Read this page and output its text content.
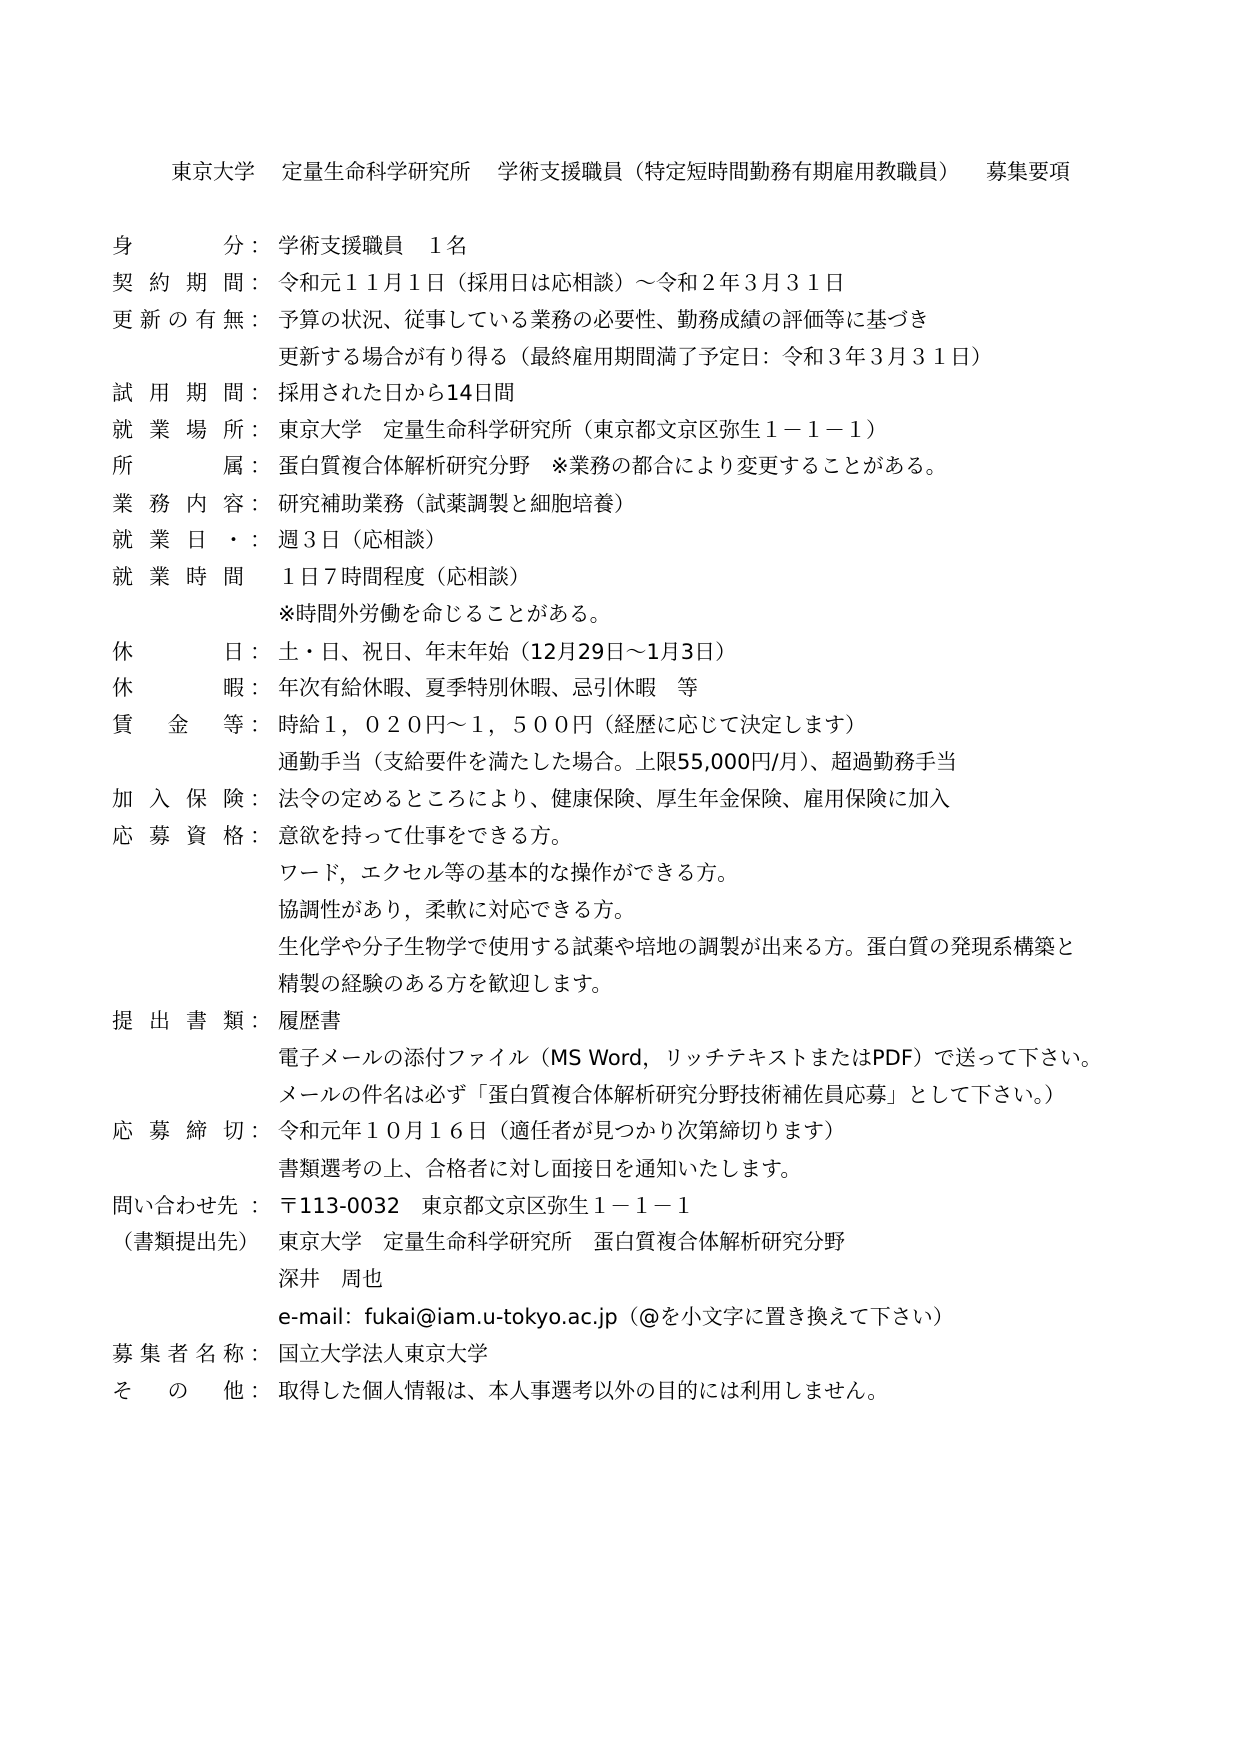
東京大学 定量生命科学研究所 学術支援職員（特定短時間勤務有期雇用教職員） 募集要項
身	分 ： 学術支援職員　１名
契 約 期 間 ： 令和元１１月１日（採用日は応相談）～令和２年３月３１日
更 新 の 有 無 ： 予算の状況、従事している業務の必要性、勤務成績の評価等に基づき
更新する場合が有り得る（最終雇用期間満了予定日：令和３年３月３１日）
試 用 期 間 ： 採用された日から14日間
就 業 場 所 ： 東京大学　定量生命科学研究所（東京都文京区弥生１－１－１）
所	属 ： 蛋白質複合体解析研究分野　※業務の都合により変更することがある。
業 務 内 容 ： 研究補助業務（試薬調製と細胞培養）
就 業 日 ・ ： 週３日（応相談）
就 業 時 間 １日７時間程度（応相談）
※時間外労働を命じることがある。
休	日 ： 土・日、祝日、年末年始（12月29日～1月3日）
休	暇 ： 年次有給休暇、夏季特別休暇、忌引休暇　等
賃 金 等 ： 時給１，０２０円～１，５００円（経歴に応じて決定します）
通勤手当（支給要件を満たした場合。上限55,000円/月）、超過勤務手当
加 入 保 険 ： 法令の定めるところにより、健康保険、厚生年金保険、雇用保険に加入
応 募 資 格 ： 意欲を持って仕事をできる方。
ワード，エクセル等の基本的な操作ができる方。
協調性があり，柔軟に対応できる方。
生化学や分子生物学で使用する試薬や培地の調製が出来る方。蛋白質の発現系構築と
精製の経験のある方を歓迎します。
提 出 書 類 ： 履歴書
電子メールの添付ファイル（MS Word，リッチテキストまたはPDF）で送って下さい。
メールの件名は必ず「蛋白質複合体解析研究分野技術補佐員応募」として下さい。）
応 募 締 切 ： 令和元年１０月１６日（適任者が見つかり次第締切ります）
書類選考の上、合格者に対し面接日を通知いたします。
問い合わせ先 ： 〒113-0032　東京都文京区弥生１－１－１
（書類提出先） 東京大学　定量生命科学研究所　蛋白質複合体解析研究分野
深井　周也
e-mail：fukai@iam.u-tokyo.ac.jp（@を小文字に置き換えて下さい）
募 集 者 名 称 ： 国立大学法人東京大学
そ の 他 ： 取得した個人情報は、本人事選考以外の目的には利用しません。
